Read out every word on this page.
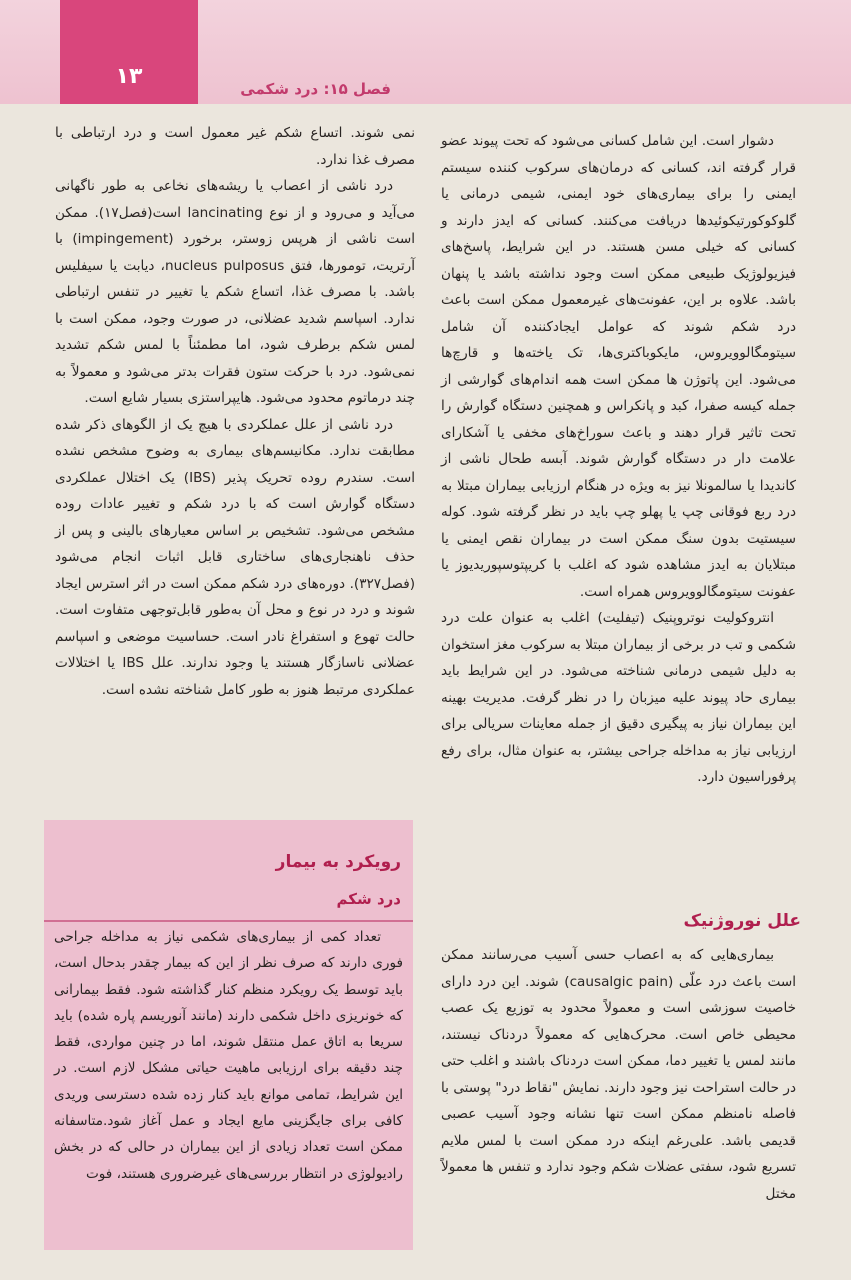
۱۳	فصل ۱۵: درد شکمی

دشوار است. این شامل کسانی می‌شود که تحت پیوند عضو قرار گرفته اند، کسانی که درمان‌های سرکوب کننده سیستم ایمنی را برای بیماری‌های خود ایمنی، شیمی درمانی یا گلوکوکورتیکوئیدها دریافت می‌کنند. کسانی که ایدز دارند و کسانی که خیلی مسن هستند. در این شرایط، پاسخ‌های فیزیولوژیک طبیعی ممکن است وجود نداشته باشد یا پنهان باشد. علاوه بر این، عفونت‌های غیرمعمول ممکن است باعث درد شکم شوند که عوامل ایجادکننده آن شامل سیتومگالوویروس، مایکوباکتری‌ها، تک یاخته‌ها و قارچ‌ها می‌شود. این پاتوژن ها ممکن است همه اندام‌های گوارشی از جمله کیسه صفرا، کبد و پانکراس و همچنین دستگاه گوارش را تحت تاثیر قرار دهند و باعث سوراخ‌های مخفی یا آشکارای علامت دار در دستگاه گوارش شوند. آبسه طحال ناشی از کاندیدا یا سالمونلا نیز به ویژه در هنگام ارزیابی بیماران مبتلا به درد ربع فوقانی چپ یا پهلو چپ باید در نظر گرفته شود. کوله سیستیت بدون سنگ ممکن است در بیماران نقص ایمنی یا مبتلایان به ایدز مشاهده شود که اغلب با کریپتوسپوریدیوز یا عفونت سیتومگالوویروس همراه است.

انتروکولیت نوتروپنیک (تیفلیت) اغلب به عنوان علت درد شکمی و تب در برخی از بیماران مبتلا به سرکوب مغز استخوان به دلیل شیمی درمانی شناخته می‌شود. در این شرایط باید بیماری حاد پیوند علیه میزبان را در نظر گرفت. مدیریت بهینه این بیماران نیاز به پیگیری دقیق از جمله معاینات سریالی برای ارزیابی نیاز به مداخله جراحی بیشتر، به عنوان مثال، برای رفع پرفوراسیون دارد.

علل نوروژنیک

بیماری‌هایی که به اعصاب حسی آسیب می‌رسانند ممکن است باعث درد علّی (causalgic pain) شوند. این درد دارای خاصیت سوزشی است و معمولاً محدود به توزیع یک عصب محیطی خاص است. محرک‌هایی که معمولاً دردناک نیستند، مانند لمس یا تغییر دما، ممکن است دردناک باشند و اغلب حتی در حالت استراحت نیز وجود دارند. نمایش "نقاط درد" پوستی با فاصله نامنظم ممکن است تنها نشانه وجود آسیب عصبی قدیمی باشد. علی‌رغم اینکه درد ممکن است با لمس ملایم تسریع شود، سفتی عضلات شکم وجود ندارد و تنفس ها معمولاً مختل

نمی شوند. اتساع شکم غیر معمول است و درد ارتباطی با مصرف غذا ندارد.

درد ناشی از اعصاب یا ریشه‌های نخاعی به طور ناگهانی می‌آید و می‌رود و از نوع lancinating است(فصل۱۷). ممکن است ناشی از هرپس زوستر، برخورد (impingement) با آرتریت، تومورها، فتق nucleus pulposus، دیابت یا سیفلیس باشد. با مصرف غذا، اتساع شکم یا تغییر در تنفس ارتباطی ندارد. اسپاسم شدید عضلانی، در صورت وجود، ممکن است با لمس شکم برطرف شود، اما مطمئناً با لمس شکم تشدید نمی‌شود. درد با حرکت ستون فقرات بدتر می‌شود و معمولاً به چند درماتوم محدود می‌شود. هایپراستزی بسیار شایع است.

درد ناشی از علل عملکردی با هیچ یک از الگوهای ذکر شده مطابقت ندارد. مکانیسم‌های بیماری به وضوح مشخص نشده است. سندرم روده تحریک پذیر (IBS) یک اختلال عملکردی دستگاه گوارش است که با درد شکم و تغییر عادات روده مشخص می‌شود. تشخیص بر اساس معیارهای بالینی و پس از حذف ناهنجاری‌های ساختاری قابل اثبات انجام می‌شود (فصل۳۲۷). دوره‌های درد شکم ممکن است در اثر استرس ایجاد شوند و درد در نوع و محل آن به‌طور قابل‌توجهی متفاوت است. حالت تهوع و استفراغ نادر است. حساسیت موضعی و اسپاسم عضلانی ناسازگار هستند یا وجود ندارند. علل IBS یا اختلالات عملکردی مرتبط هنوز به طور کامل شناخته نشده است.

رویکرد به بیمار
درد شکم

تعداد کمی از بیماری‌های شکمی نیاز به مداخله جراحی فوری دارند که صرف نظر از این که بیمار چقدر بدحال است، باید توسط یک رویکرد منظم کنار گذاشته شود. فقط بیمارانی که خونریزی داخل شکمی دارند (مانند آنوریسم پاره شده) باید سریعا به اتاق عمل منتقل شوند، اما در چنین مواردی، فقط چند دقیقه برای ارزیابی ماهیت حیاتی مشکل لازم است. در این شرایط، تمامی موانع باید کنار زده شده دسترسی وریدی کافی برای جایگزینی مایع ایجاد و عمل آغاز شود.متاسفانه ممکن است تعداد زیادی از این بیماران در حالی که در بخش رادیولوژی در انتظار بررسی‌های غیرضروری هستند، فوت
